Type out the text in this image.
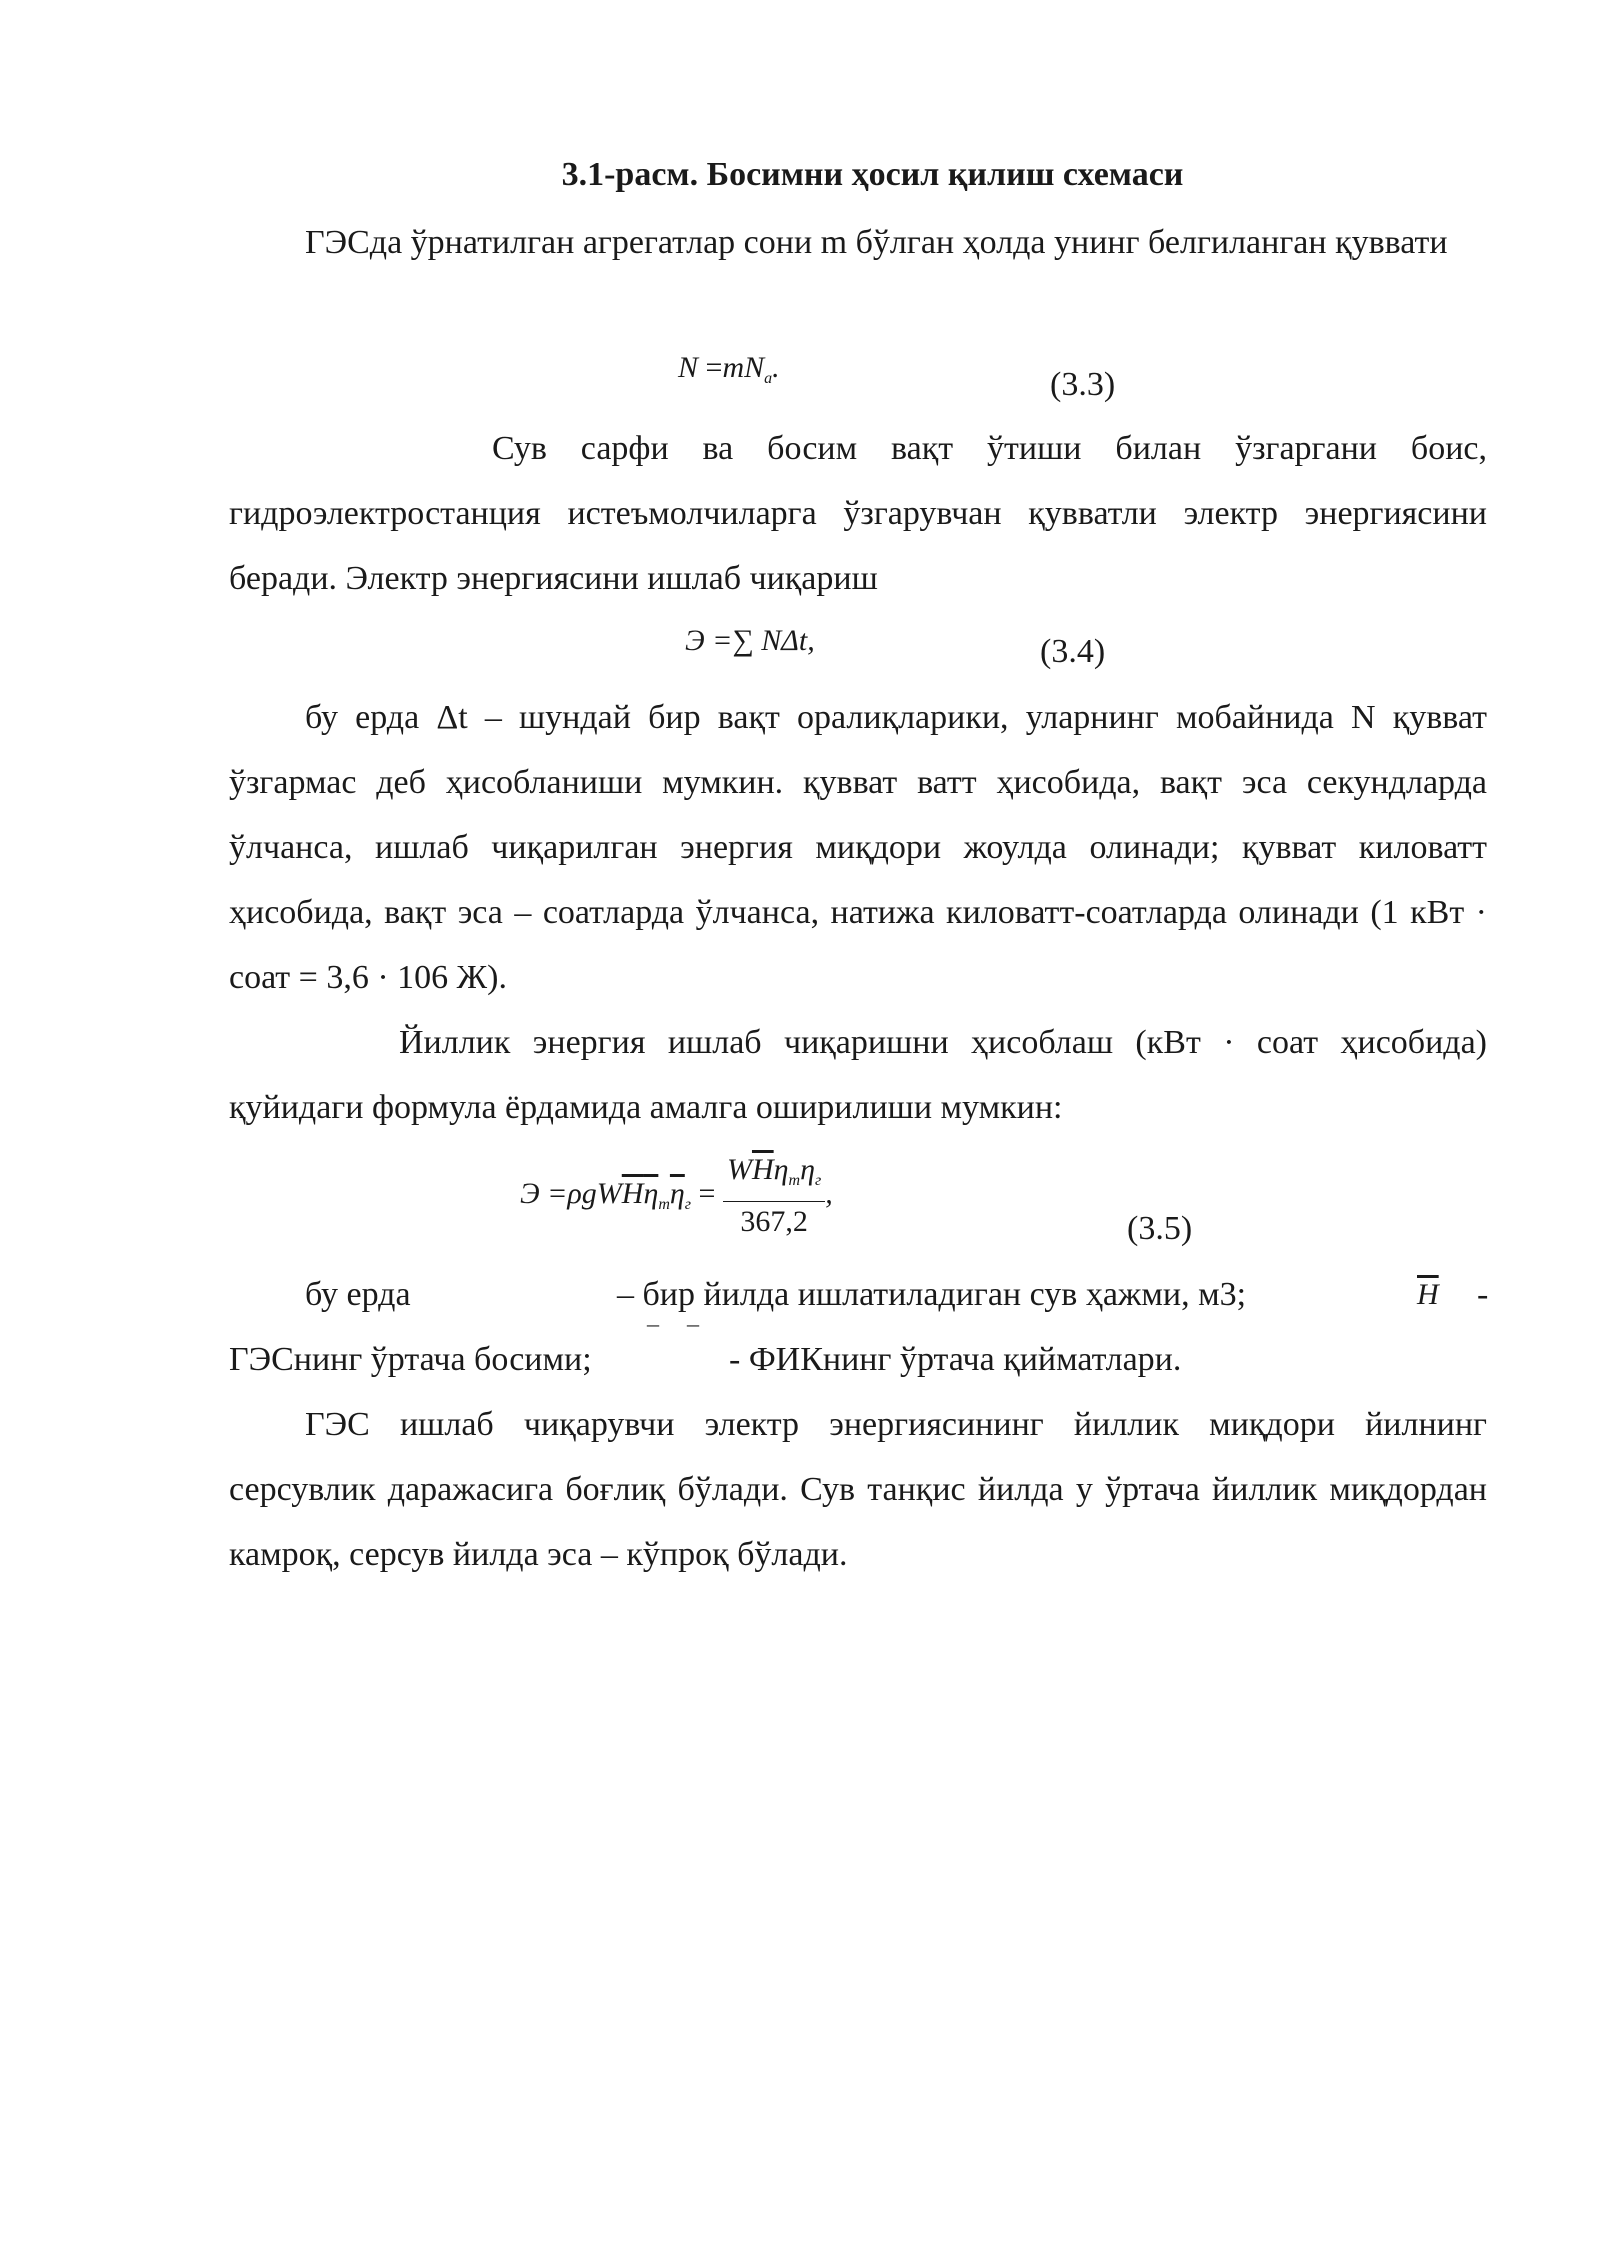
3.1-расм. Босимни ҳосил қилиш схемаси

ГЭСда ўрнатилган агрегатлар сони m бўлган ҳолда унинг белгиланган қуввати

$N =mN_a$.	(3.3)

Сув сарфи ва босим вақт ўтиши билан ўзгаргани боис, гидроэлектростанция истеъмолчиларга ўзгарувчан қувватли электр энергиясини беради. Электр энергиясини ишлаб чиқариш

Э =∑ NΔt,	(3.4)

бу ерда Δt – шундай бир вақт оралиқларики, уларнинг мобайнида N қувват ўзгармас деб ҳисобланиши мумкин. қувват ватт ҳисобида, вақт эса секундларда ўлчанса, ишлаб чиқарилган энергия миқдори жоулда олинади; қувват киловатт ҳисобида, вақт эса – соатларда ўлчанса, натижа киловатт-соатларда олинади (1 кВт · соат = 3,6 · 106 Ж).

Йиллик энергия ишлаб чиқаришни ҳисоблаш (кВт · соат ҳисобида) қуйидаги формула ёрдамида амалга оширилиши мумкин:

$Э =\rho gW\overline{H}\overline{\eta}_т\overline{\eta}_г = \frac{W\overline{H}\eta_т\eta_г}{367,2}$ ,
(3.5)
бу ерда	– бир йилда ишлатиладиган сув ҳажми, м3;	$\overline{H}$ -
ГЭСнинг ўртача босими;
¯ ¯
- ФИКнинг ўртача қийматлари.

ГЭС ишлаб чиқарувчи электр энергиясининг йиллик миқдори йилнинг серсувлик даражасига боғлиқ бўлади. Сув танқис йилда у ўртача йиллик миқдордан камроқ, серсув йилда эса – кўпроқ бўлади.
